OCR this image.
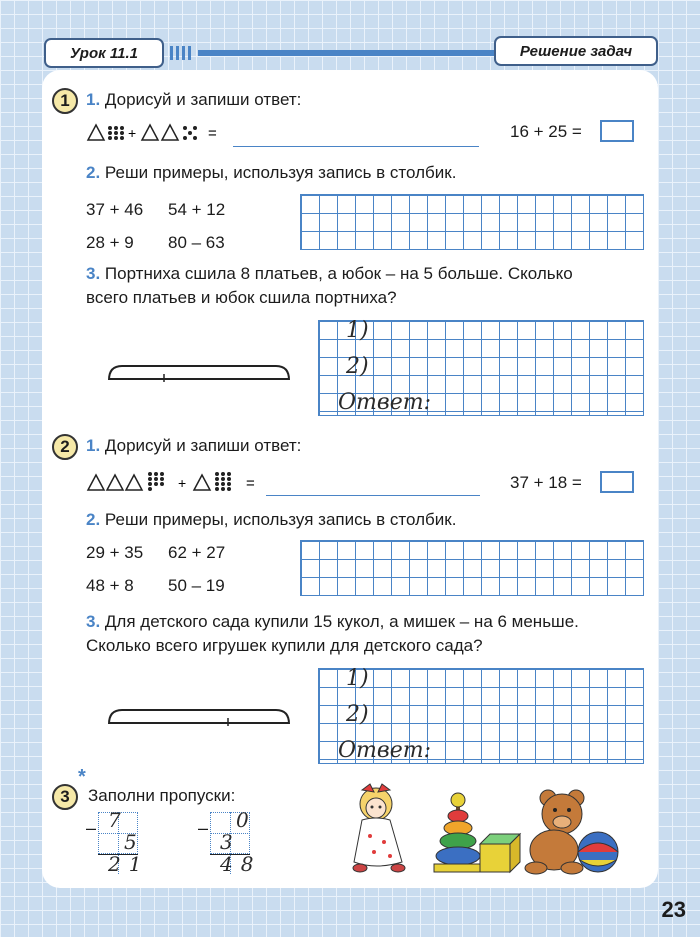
Урок 11.1	Решение задач
1 1. Дорисуй и запиши ответ:
+	=	16 + 25 =
2. Реши примеры, используя запись в столбик.
37 + 46 54 + 12
28 + 9 80 – 63
3. Портниха сшила 8 платьев, а юбок – на 5 больше. Сколько
всего платьев и юбок сшила портниха?
1)
2)
Ответ:
2 1. Дорисуй и запиши ответ:
+	=	37 + 18 =
2. Реши примеры, используя запись в столбик.
29 + 35 62 + 27
48 + 8 50 – 19
3. Для детского сада купили 15 кукол, а мишек – на 6 меньше.
Сколько всего игрушек купили для детского сада?
1)
2)
Ответ:
3
*
Заполни пропуски:
– 7
5
21
– 0
3
48
23
